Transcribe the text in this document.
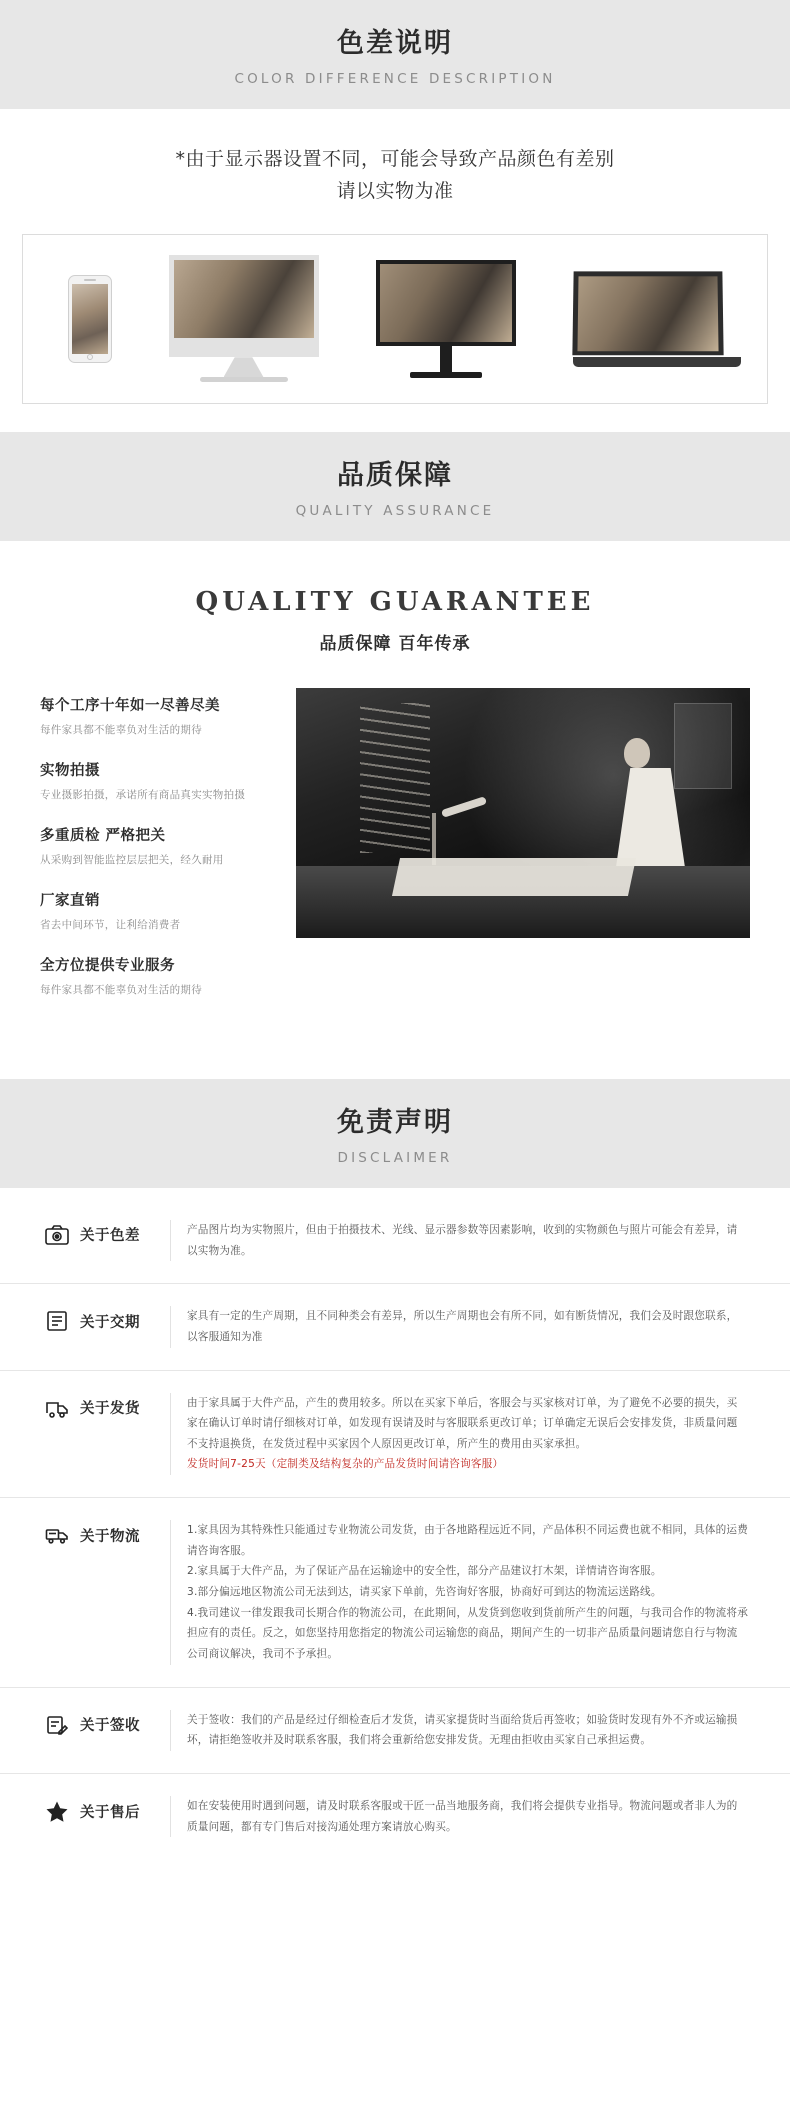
色差说明
COLOR DIFFERENCE DESCRIPTION
*由于显示器设置不同，可能会导致产品颜色有差别
请以实物为准
品质保障
QUALITY ASSURANCE
QUALITY GUARANTEE
品质保障 百年传承
每个工序十年如一尽善尽美
每件家具都不能辜负对生活的期待
实物拍摄
专业摄影拍摄，承诺所有商品真实实物拍摄
多重质检 严格把关
从采购到智能监控层层把关，经久耐用
厂家直销
省去中间环节，让利给消费者
全方位提供专业服务
每件家具都不能辜负对生活的期待
免责声明
DISCLAIMER
关于色差	产品图片均为实物照片，但由于拍摄技术、光线、显示器参数等因素影响，收到的实物颜色与照片可能会有差异，请以实物为准。

关于交期	家具有一定的生产周期，且不同种类会有差异，所以生产周期也会有所不同，如有断货情况，我们会及时跟您联系，以客服通知为准

关于发货	由于家具属于大件产品，产生的费用较多。所以在买家下单后，客服会与买家核对订单，为了避免不必要的损失，买家在确认订单时请仔细核对订单，如发现有误请及时与客服联系更改订单；订单确定无误后会安排发货，非质量问题不支持退换货，在发货过程中买家因个人原因更改订单，所产生的费用由买家承担。

发货时间7-25天（定制类及结构复杂的产品发货时间请咨询客服）

关于物流	1.家具因为其特殊性只能通过专业物流公司发货，由于各地路程远近不同，产品体积不同运费也就不相同，具体的运费请咨询客服。

2.家具属于大件产品，为了保证产品在运输途中的安全性，部分产品建议打木架，详情请咨询客服。

3.部分偏远地区物流公司无法到达，请买家下单前，先咨询好客服，协商好可到达的物流运送路线。

4.我司建议一律发跟我司长期合作的物流公司，在此期间，从发货到您收到货前所产生的问题，与我司合作的物流将承担应有的责任。反之，如您坚持用您指定的物流公司运输您的商品，期间产生的一切非产品质量问题请您自行与物流公司商议解决，我司不予承担。

关于签收	关于签收：我们的产品是经过仔细检查后才发货，请买家提货时当面给货后再签收；如验货时发现有外不齐或运输损坏，请拒绝签收并及时联系客服，我们将会重新给您安排发货。无理由拒收由买家自己承担运费。

关于售后	如在安装使用时遇到问题，请及时联系客服或干匠一品当地服务商，我们将会提供专业指导。物流问题或者非人为的质量问题，都有专门售后对接沟通处理方案请放心购买。
